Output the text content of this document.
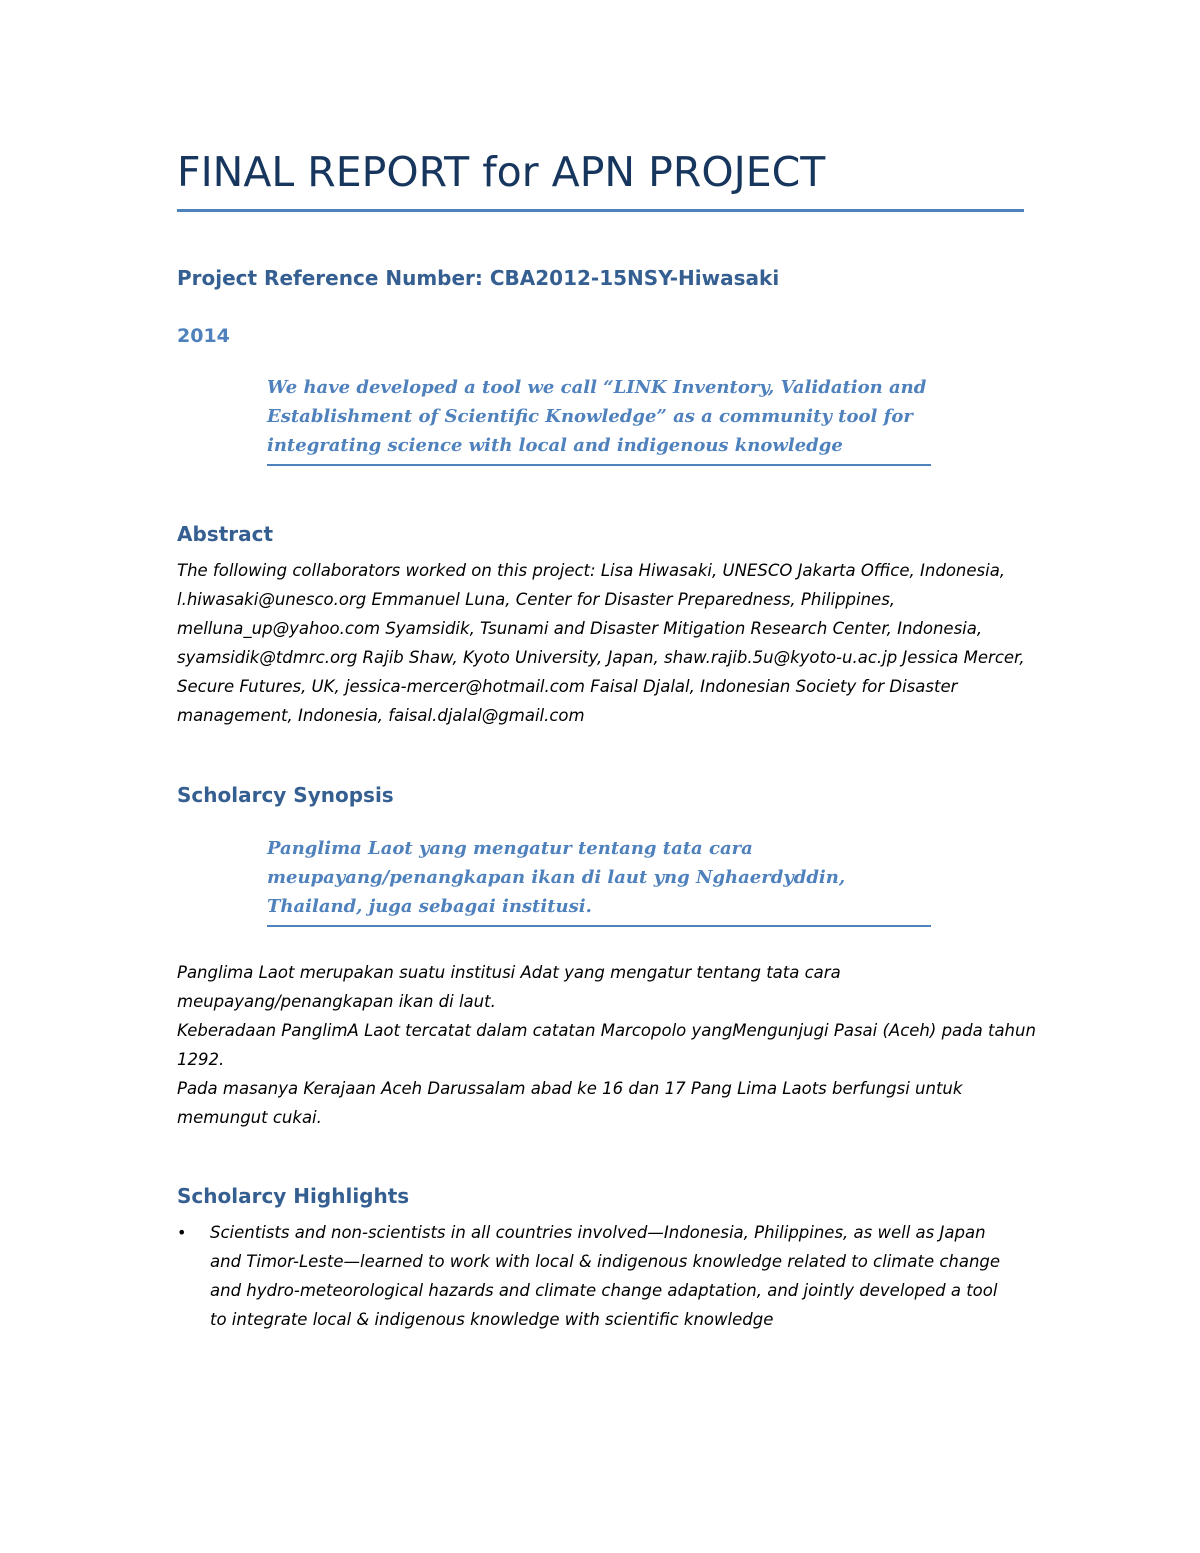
FINAL REPORT for APN PROJECT
Project Reference Number: CBA2012-15NSY-Hiwasaki
2014
We have developed a tool we call “LINK Inventory, Validation and Establishment of Scientific Knowledge” as a community tool for integrating science with local and indigenous knowledge
Abstract
The following collaborators worked on this project: Lisa Hiwasaki, UNESCO Jakarta Office, Indonesia, l.hiwasaki@unesco.org Emmanuel Luna, Center for Disaster Preparedness, Philippines, melluna_up@yahoo.com Syamsidik, Tsunami and Disaster Mitigation Research Center, Indonesia, syamsidik@tdmrc.org Rajib Shaw, Kyoto University, Japan, shaw.rajib.5u@kyoto-u.ac.jp Jessica Mercer, Secure Futures, UK, jessica-mercer@hotmail.com Faisal Djalal, Indonesian Society for Disaster management, Indonesia, faisal.djalal@gmail.com
Scholarcy Synopsis
Panglima Laot yang mengatur tentang tata cara meupayang/penangkapan ikan di laut yng Nghaerdyddin, Thailand, juga sebagai institusi.

Panglima Laot merupakan suatu institusi Adat yang mengatur tentang tata cara meupayang/penangkapan ikan di laut.

Keberadaan PanglimA Laot tercatat dalam catatan Marcopolo yangMengunjugi Pasai (Aceh) pada tahun 1292.

Pada masanya Kerajaan Aceh Darussalam abad ke 16 dan 17 Pang Lima Laots berfungsi untuk memungut cukai.

Scholarcy Highlights
• Scientists and non-scientists in all countries involved—Indonesia, Philippines, as well as Japan and Timor-Leste—learned to work with local & indigenous knowledge related to climate change and hydro-meteorological hazards and climate change adaptation, and jointly developed a tool to integrate local & indigenous knowledge with scientific knowledge
